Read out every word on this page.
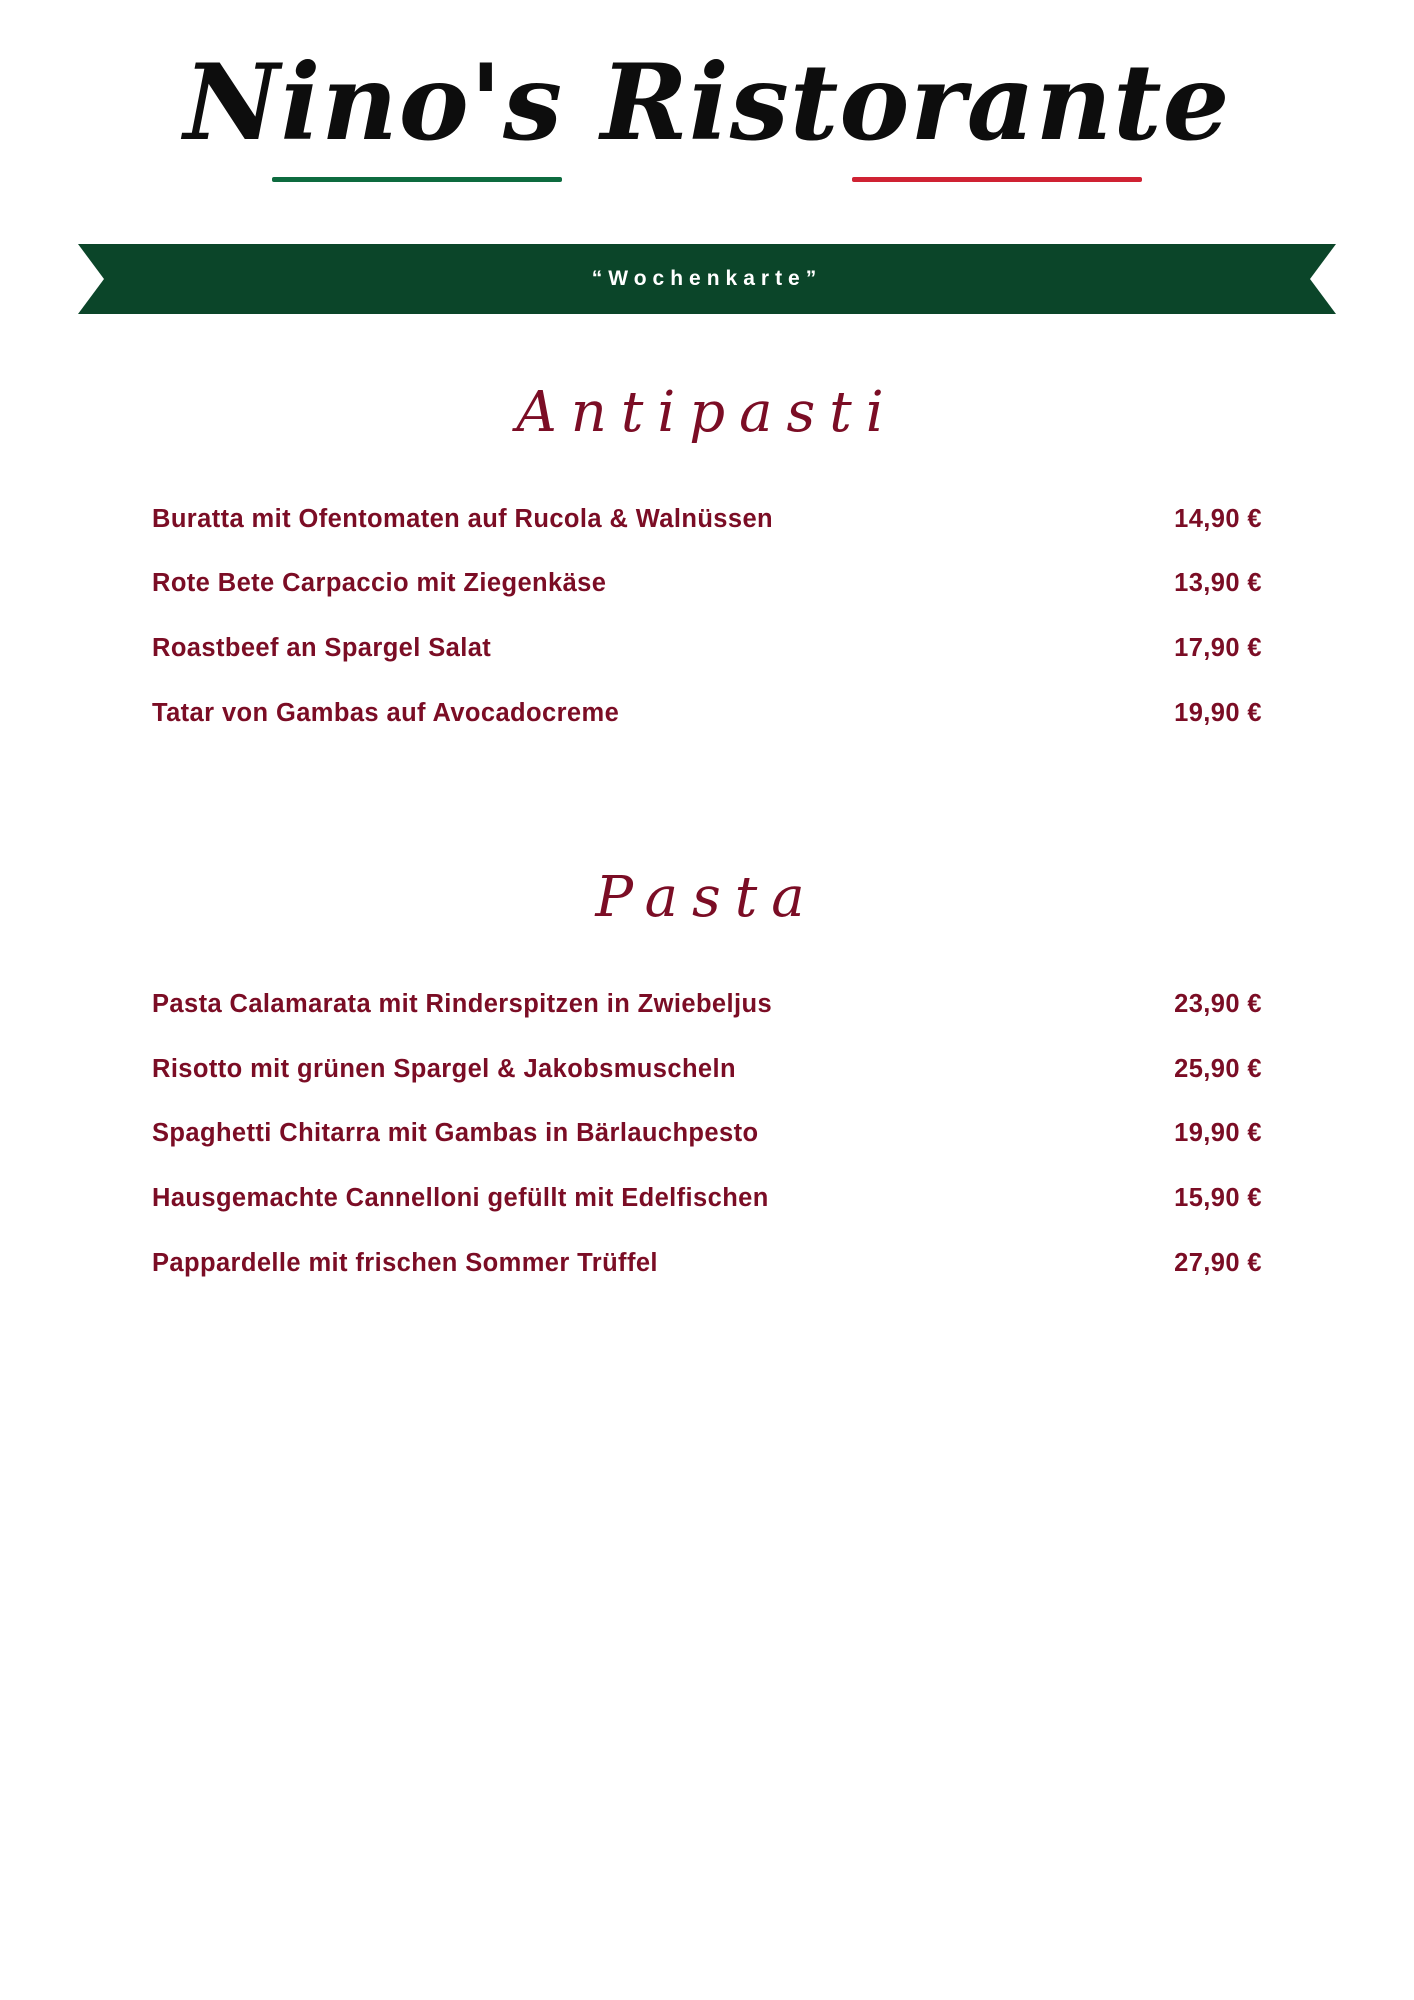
Nino's Ristorante
“Wochenkarte”
Antipasti
Buratta mit Ofentomaten auf Rucola & Walnüssen	14,90 €
Rote Bete Carpaccio mit Ziegenkäse	13,90 €
Roastbeef an Spargel Salat	17,90 €
Tatar von Gambas auf Avocadocreme	19,90 €
Pasta
Pasta Calamarata mit Rinderspitzen in Zwiebeljus	23,90 €
Risotto mit grünen Spargel & Jakobsmuscheln	25,90 €
Spaghetti Chitarra mit Gambas in Bärlauchpesto	19,90 €
Hausgemachte Cannelloni gefüllt mit Edelfischen	15,90 €
Pappardelle mit frischen Sommer Trüffel	27,90 €
